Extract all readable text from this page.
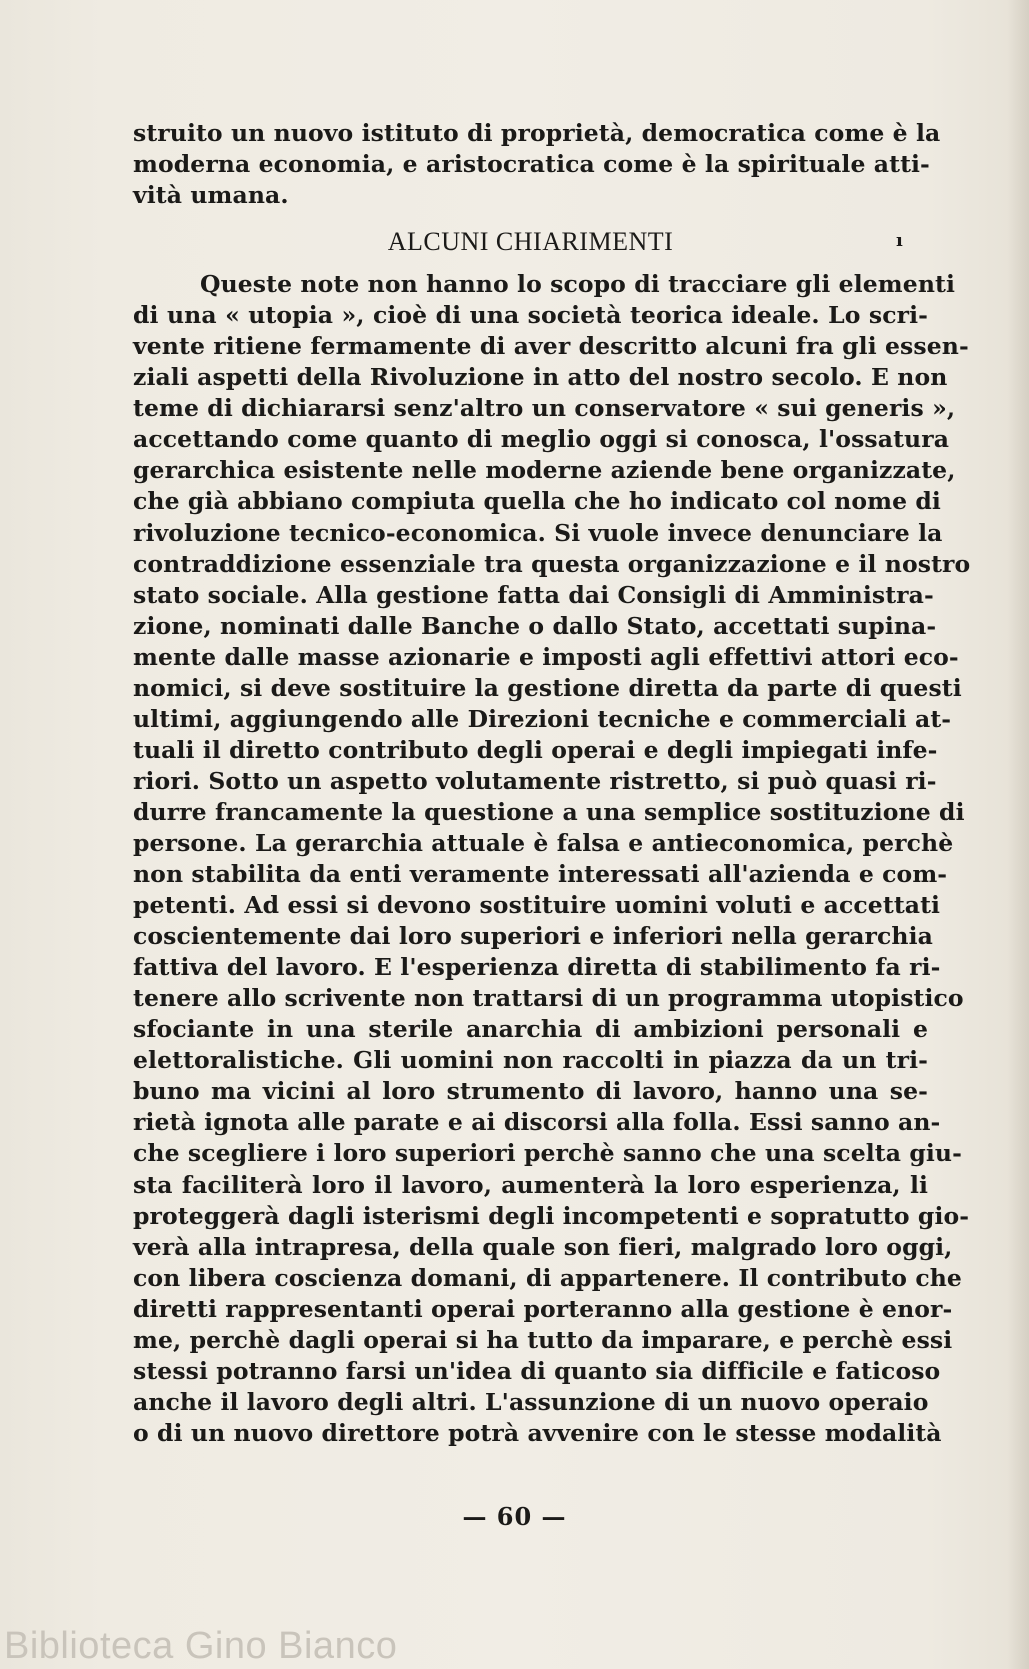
ı
struito un nuovo istituto di proprietà, democratica come è la
moderna economia, e aristocratica come è la spirituale atti-
vità umana.
ALCUNI CHIARIMENTI
Queste note non hanno lo scopo di tracciare gli elementi
di una « utopia », cioè di una società teorica ideale. Lo scri-
vente ritiene fermamente di aver descritto alcuni fra gli essen-
ziali aspetti della Rivoluzione in atto del nostro secolo. E non
teme di dichiararsi senz'altro un conservatore « sui generis »,
accettando come quanto di meglio oggi si conosca, l'ossatura
gerarchica esistente nelle moderne aziende bene organizzate,
che già abbiano compiuta quella che ho indicato col nome di
rivoluzione tecnico-economica. Si vuole invece denunciare la
contraddizione essenziale tra questa organizzazione e il nostro
stato sociale. Alla gestione fatta dai Consigli di Amministra-
zione, nominati dalle Banche o dallo Stato, accettati supina-
mente dalle masse azionarie e imposti agli effettivi attori eco-
nomici, si deve sostituire la gestione diretta da parte di questi
ultimi, aggiungendo alle Direzioni tecniche e commerciali at-
tuali il diretto contributo degli operai e degli impiegati infe-
riori. Sotto un aspetto volutamente ristretto, si può quasi ri-
durre francamente la questione a una semplice sostituzione di
persone. La gerarchia attuale è falsa e antieconomica, perchè
non stabilita da enti veramente interessati all'azienda e com-
petenti. Ad essi si devono sostituire uomini voluti e accettati
coscientemente dai loro superiori e inferiori nella gerarchia
fattiva del lavoro. E l'esperienza diretta di stabilimento fa ri-
tenere allo scrivente non trattarsi di un programma utopistico
sfociante in una sterile anarchia di ambizioni personali e
elettoralistiche. Gli uomini non raccolti in piazza da un tri-
buno ma vicini al loro strumento di lavoro, hanno una se-
rietà ignota alle parate e ai discorsi alla folla. Essi sanno an-
che scegliere i loro superiori perchè sanno che una scelta giu-
sta faciliterà loro il lavoro, aumenterà la loro esperienza, li
proteggerà dagli isterismi degli incompetenti e sopratutto gio-
verà alla intrapresa, della quale son fieri, malgrado loro oggi,
con libera coscienza domani, di appartenere. Il contributo che
diretti rappresentanti operai porteranno alla gestione è enor-
me, perchè dagli operai si ha tutto da imparare, e perchè essi
stessi potranno farsi un'idea di quanto sia difficile e faticoso
anche il lavoro degli altri. L'assunzione di un nuovo operaio
o di un nuovo direttore potrà avvenire con le stesse modalità
— 60 —
Biblioteca Gino Bianco
